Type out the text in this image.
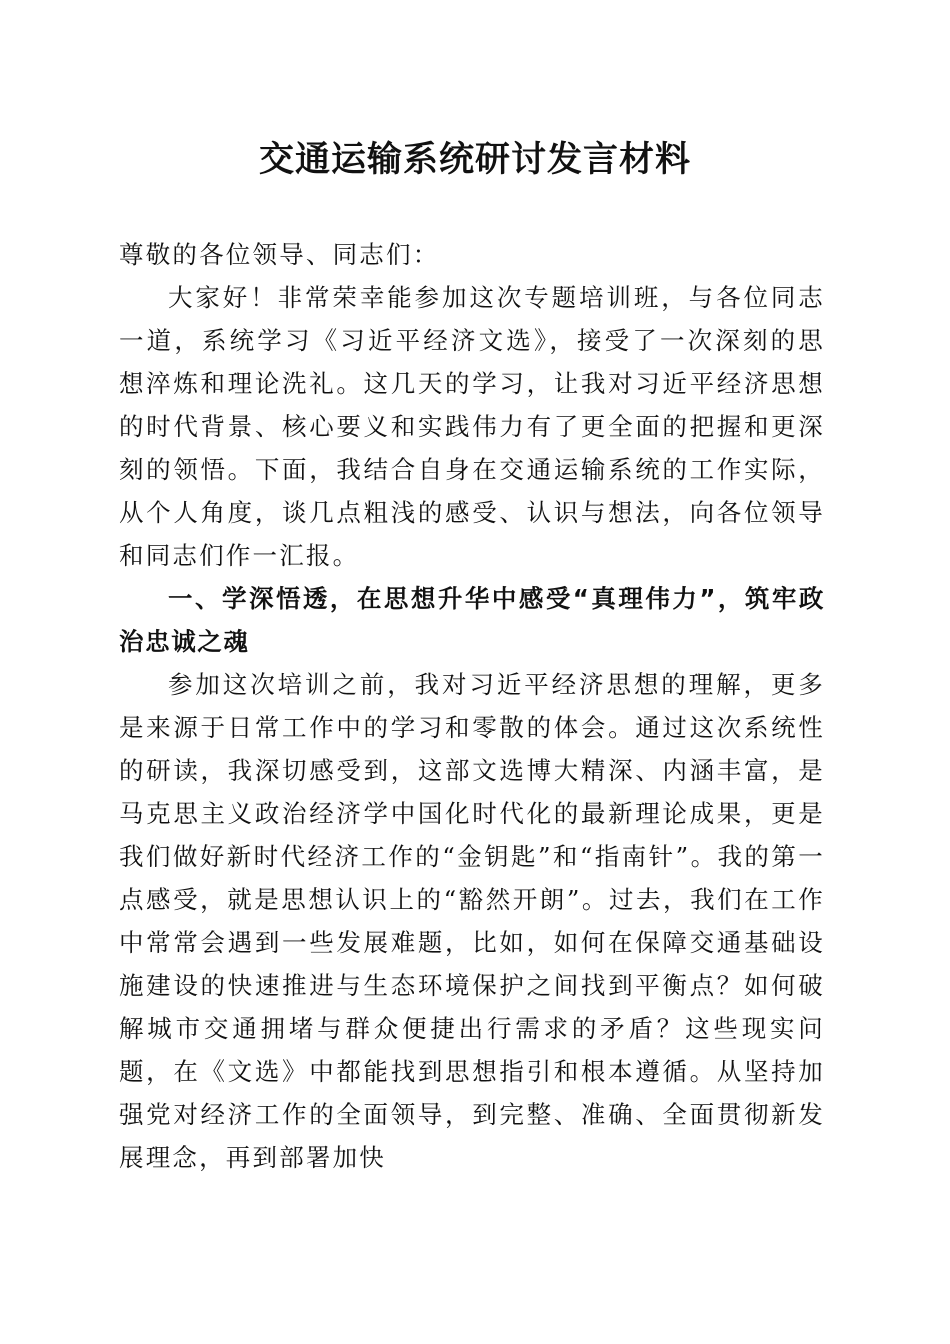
交通运输系统研讨发言材料

尊敬的各位领导、同志们：

大家好！非常荣幸能参加这次专题培训班，与各位同志一道，系统学习《习近平经济文选》，接受了一次深刻的思想淬炼和理论洗礼。这几天的学习，让我对习近平经济思想的时代背景、核心要义和实践伟力有了更全面的把握和更深刻的领悟。下面，我结合自身在交通运输系统的工作实际，从个人角度，谈几点粗浅的感受、认识与想法，向各位领导和同志们作一汇报。

一、学深悟透，在思想升华中感受“真理伟力”，筑牢政治忠诚之魂

参加这次培训之前，我对习近平经济思想的理解，更多是来源于日常工作中的学习和零散的体会。通过这次系统性的研读，我深切感受到，这部文选博大精深、内涵丰富，是马克思主义政治经济学中国化时代化的最新理论成果，更是我们做好新时代经济工作的“金钥匙”和“指南针”。我的第一点感受，就是思想认识上的“豁然开朗”。过去，我们在工作中常常会遇到一些发展难题，比如，如何在保障交通基础设施建设的快速推进与生态环境保护之间找到平衡点？如何破解城市交通拥堵与群众便捷出行需求的矛盾？这些现实问题，在《文选》中都能找到思想指引和根本遵循。从坚持加强党对经济工作的全面领导，到完整、准确、全面贯彻新发展理念，再到部署加快
